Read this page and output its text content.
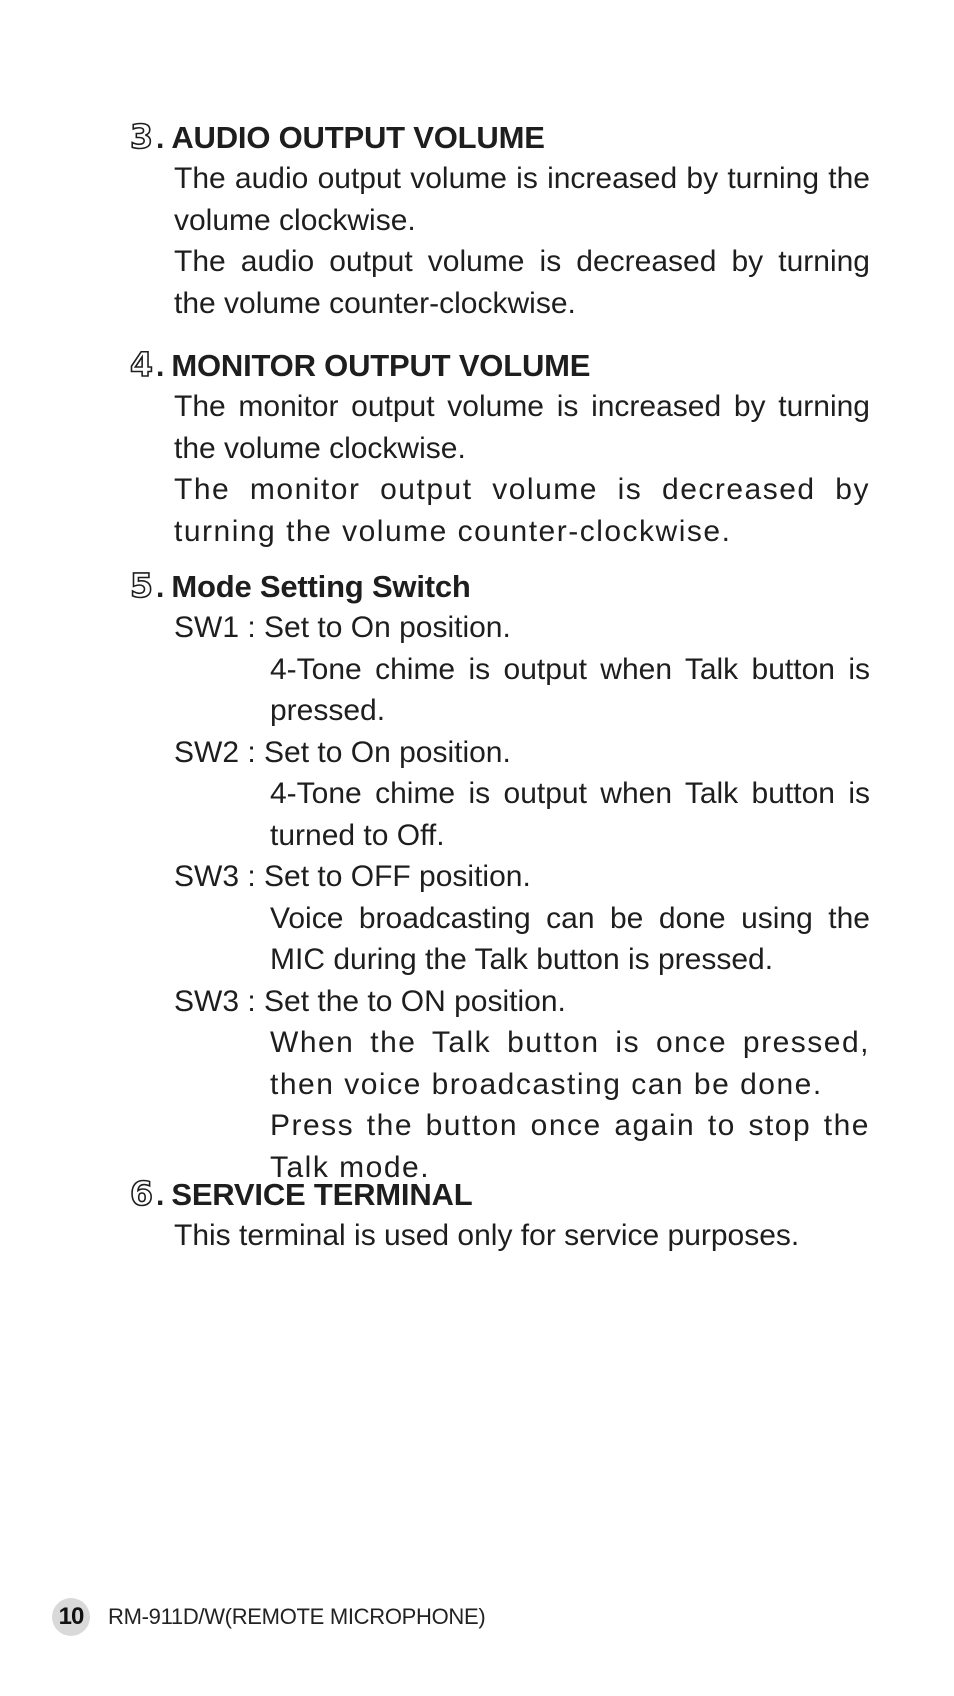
3 . AUDIO OUTPUT VOLUME

The audio output volume is increased by turning the volume clockwise.

The audio output volume is decreased by turning the volume counter-clockwise.

4 . MONITOR OUTPUT VOLUME

The monitor output volume is increased by turning the volume clockwise.

The monitor output volume is decreased by turning the volume counter-clockwise.

5 . Mode Setting Switch
SW1 : Set to On position.
4-Tone chime is output when Talk button is pressed.
SW2 : Set to On position.
4-Tone chime is output when Talk button is turned to Off.
SW3 : Set to OFF position.
Voice broadcasting can be done using the MIC during the Talk button is pressed.
SW3 : Set the to ON position.
When the Talk button is once pressed, then voice broadcasting can be done.
Press the button once again to stop the Talk mode.
6 . SERVICE TERMINAL

This terminal is used only for service purposes.

10 RM-911D/W(REMOTE MICROPHONE)
